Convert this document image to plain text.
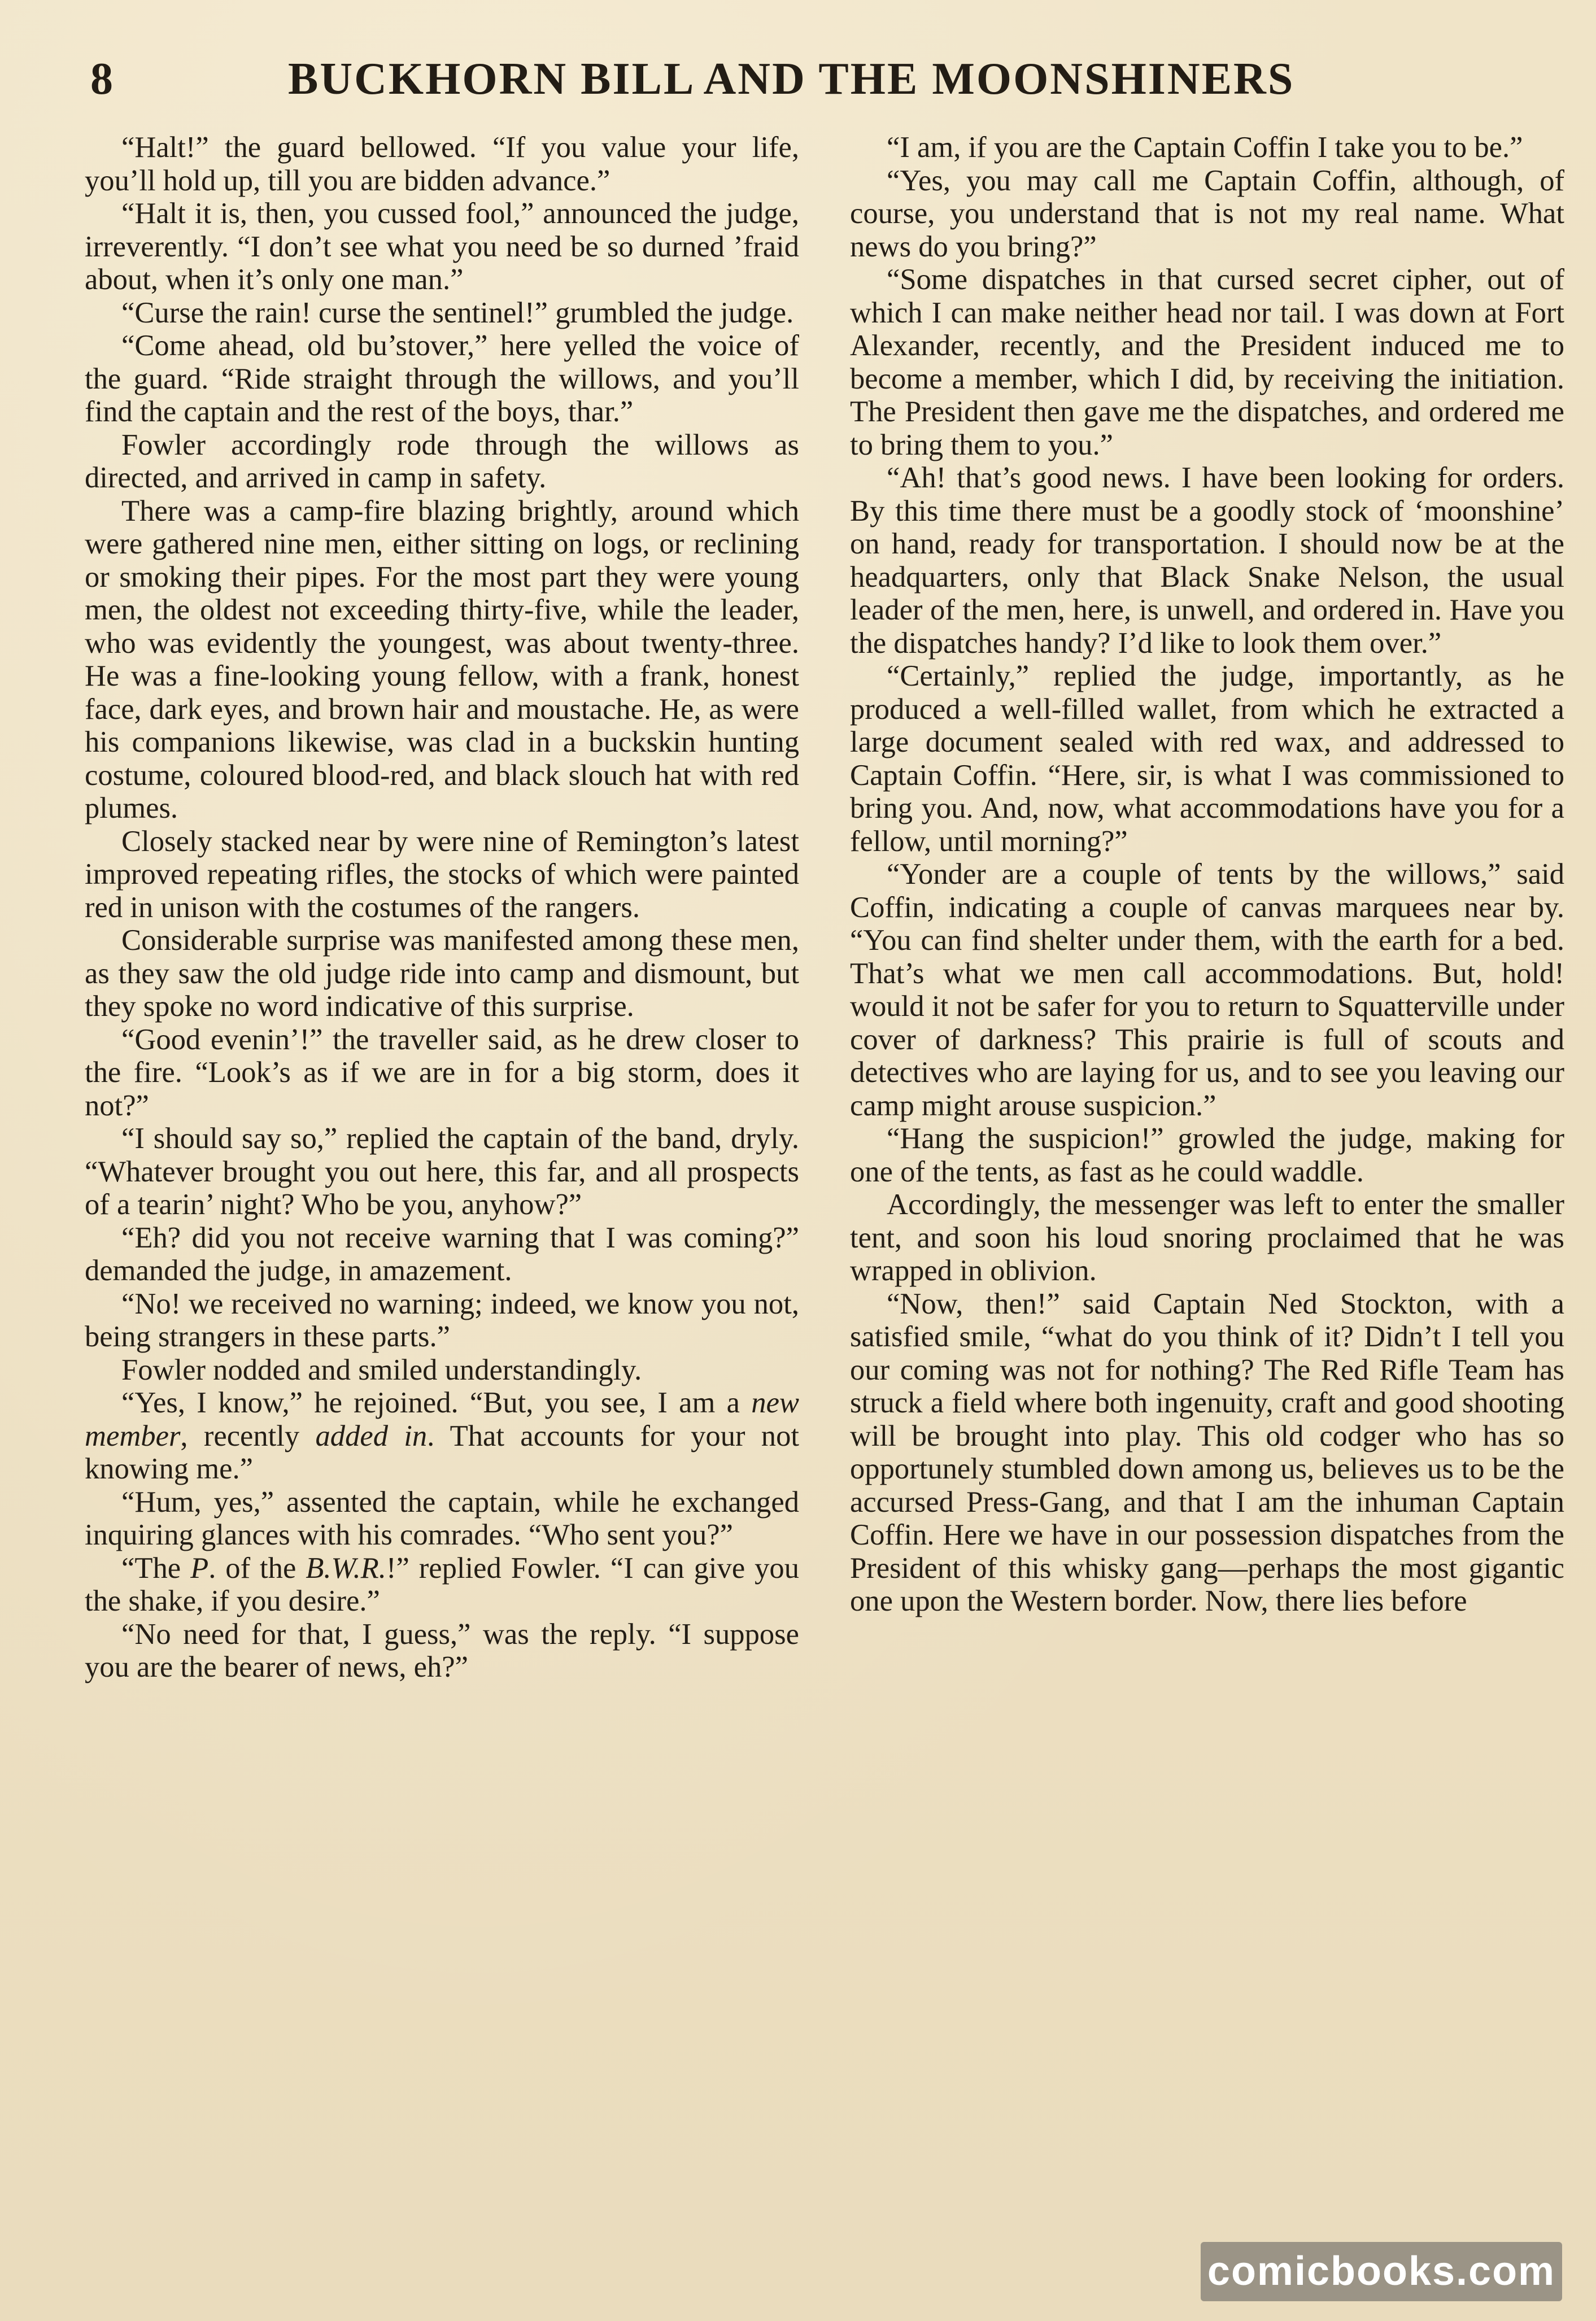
8	BUCKHORN BILL AND THE MOONSHINERS

“Halt!” the guard bellowed. “If you value your life, you’ll hold up, till you are bidden advance.”

“Halt it is, then, you cussed fool,” announced the judge, irreverently. “I don’t see what you need be so durned ’fraid about, when it’s only one man.”

“Curse the rain! curse the sentinel!” grumbled the judge.

“Come ahead, old bu’stover,” here yelled the voice of the guard. “Ride straight through the willows, and you’ll find the captain and the rest of the boys, thar.”

Fowler accordingly rode through the willows as directed, and arrived in camp in safety.

There was a camp-fire blazing brightly, around which were gathered nine men, either sitting on logs, or reclining or smoking their pipes. For the most part they were young men, the oldest not exceeding thirty-five, while the leader, who was evidently the youngest, was about twenty-three. He was a fine-looking young fellow, with a frank, honest face, dark eyes, and brown hair and moustache. He, as were his companions likewise, was clad in a buckskin hunting costume, coloured blood-red, and black slouch hat with red plumes.

Closely stacked near by were nine of Remington’s latest improved repeating rifles, the stocks of which were painted red in unison with the costumes of the rangers.

Considerable surprise was manifested among these men, as they saw the old judge ride into camp and dismount, but they spoke no word indicative of this surprise.

“Good evenin’!” the traveller said, as he drew closer to the fire. “Look’s as if we are in for a big storm, does it not?”

“I should say so,” replied the captain of the band, dryly. “Whatever brought you out here, this far, and all prospects of a tearin’ night? Who be you, anyhow?”

“Eh? did you not receive warning that I was coming?” demanded the judge, in amazement.

“No! we received no warning; indeed, we know you not, being strangers in these parts.”

Fowler nodded and smiled understandingly.

“Yes, I know,” he rejoined. “But, you see, I am a new member, recently added in. That accounts for your not knowing me.”

“Hum, yes,” assented the captain, while he exchanged inquiring glances with his comrades. “Who sent you?”

“The P. of the B.W.R.!” replied Fowler. “I can give you the shake, if you desire.”

“No need for that, I guess,” was the reply. “I suppose you are the bearer of news, eh?”

“I am, if you are the Captain Coffin I take you to be.”

“Yes, you may call me Captain Coffin, although, of course, you understand that is not my real name. What news do you bring?”

“Some dispatches in that cursed secret cipher, out of which I can make neither head nor tail. I was down at Fort Alexander, recently, and the President induced me to become a member, which I did, by receiving the initiation. The President then gave me the dispatches, and ordered me to bring them to you.”

“Ah! that’s good news. I have been looking for orders. By this time there must be a goodly stock of ‘moonshine’ on hand, ready for transportation. I should now be at the headquarters, only that Black Snake Nelson, the usual leader of the men, here, is unwell, and ordered in. Have you the dispatches handy? I’d like to look them over.”

“Certainly,” replied the judge, importantly, as he produced a well-filled wallet, from which he extracted a large document sealed with red wax, and addressed to Captain Coffin. “Here, sir, is what I was commissioned to bring you. And, now, what accommodations have you for a fellow, until morning?”

“Yonder are a couple of tents by the willows,” said Coffin, indicating a couple of canvas marquees near by. “You can find shelter under them, with the earth for a bed. That’s what we men call accommodations. But, hold! would it not be safer for you to return to Squatterville under cover of darkness? This prairie is full of scouts and detectives who are laying for us, and to see you leaving our camp might arouse suspicion.”

“Hang the suspicion!” growled the judge, making for one of the tents, as fast as he could waddle.

Accordingly, the messenger was left to enter the smaller tent, and soon his loud snoring proclaimed that he was wrapped in oblivion.

“Now, then!” said Captain Ned Stockton, with a satisfied smile, “what do you think of it? Didn’t I tell you our coming was not for nothing? The Red Rifle Team has struck a field where both ingenuity, craft and good shooting will be brought into play. This old codger who has so opportunely stumbled down among us, believes us to be the accursed Press-Gang, and that I am the inhuman Captain Coffin. Here we have in our possession dispatches from the President of this whisky gang—perhaps the most gigantic one upon the Western border. Now, there lies before

comicbooks.com
